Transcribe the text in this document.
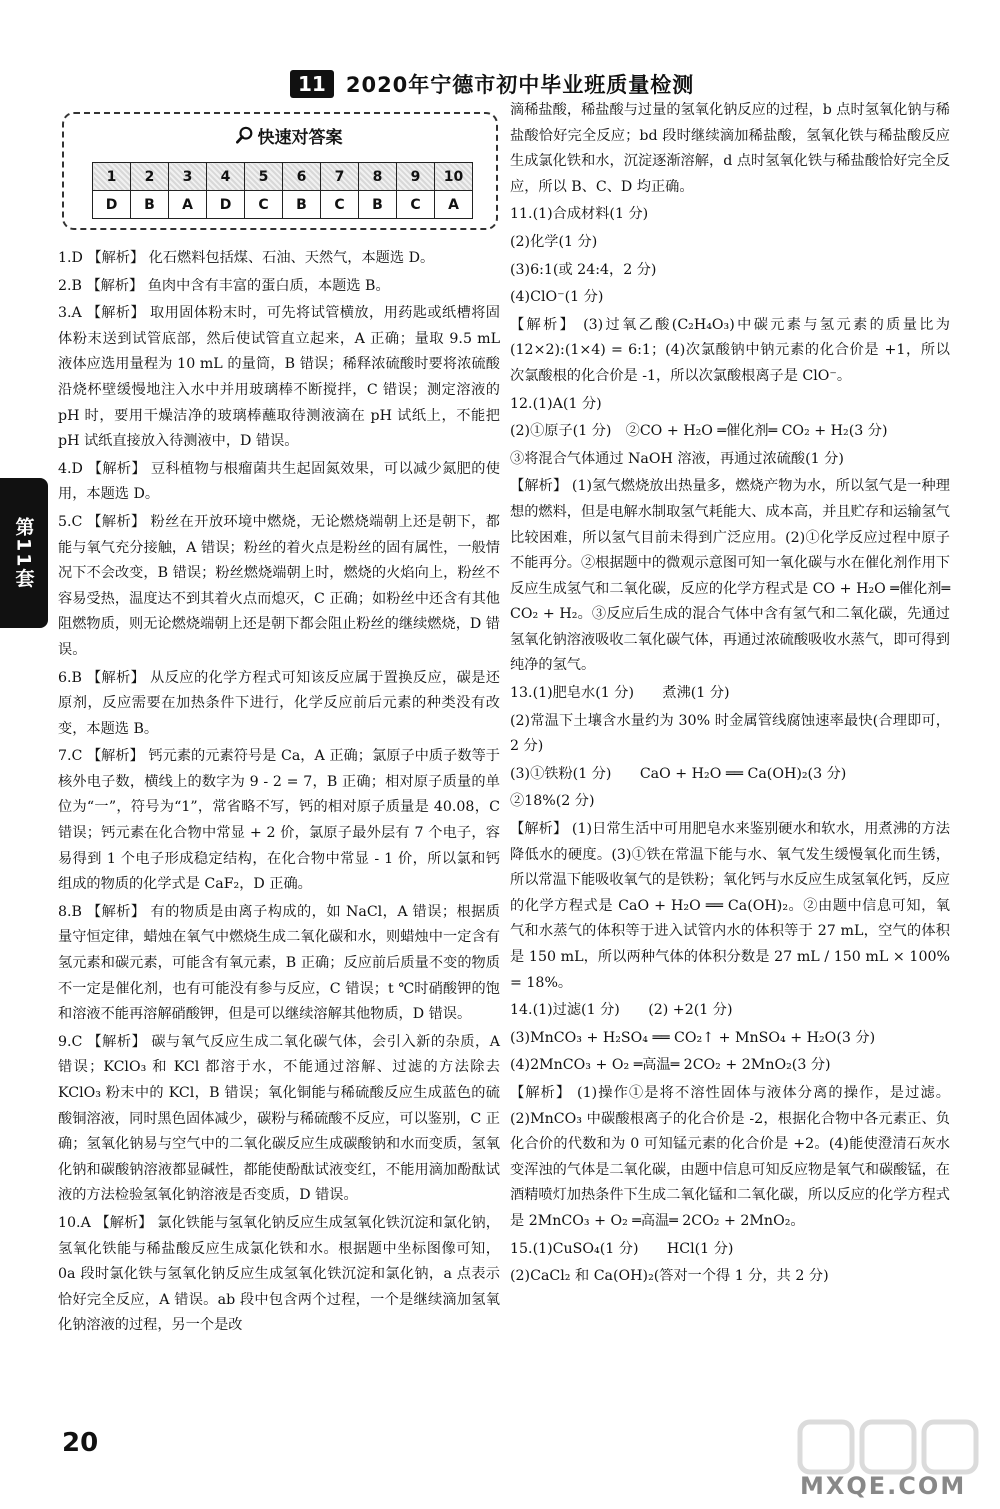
11 2020年宁德市初中毕业班质量检测
快速对答案
1	2	3	4	5	6	7	8	9	10
D	B	A	D	C	B	C	B	C	A
第11套

1.D 【解析】 化石燃料包括煤、石油、天然气，本题选 D。

2.B 【解析】 鱼肉中含有丰富的蛋白质，本题选 B。

3.A 【解析】 取用固体粉末时，可先将试管横放，用药匙或纸槽将固体粉末送到试管底部，然后使试管直立起来，A 正确；量取 9.5 mL 液体应选用量程为 10 mL 的量筒，B 错误；稀释浓硫酸时要将浓硫酸沿烧杯壁缓慢地注入水中并用玻璃棒不断搅拌，C 错误；测定溶液的 pH 时，要用干燥洁净的玻璃棒蘸取待测液滴在 pH 试纸上，不能把 pH 试纸直接放入待测液中，D 错误。

4.D 【解析】 豆科植物与根瘤菌共生起固氮效果，可以减少氮肥的使用，本题选 D。

5.C 【解析】 粉丝在开放环境中燃烧，无论燃烧端朝上还是朝下，都能与氧气充分接触，A 错误；粉丝的着火点是粉丝的固有属性，一般情况下不会改变，B 错误；粉丝燃烧端朝上时，燃烧的火焰向上，粉丝不容易受热，温度达不到其着火点而熄灭，C 正确；如粉丝中还含有其他阻燃物质，则无论燃烧端朝上还是朝下都会阻止粉丝的继续燃烧，D 错误。

6.B 【解析】 从反应的化学方程式可知该反应属于置换反应，碳是还原剂，反应需要在加热条件下进行，化学反应前后元素的种类没有改变，本题选 B。

7.C 【解析】 钙元素的元素符号是 Ca，A 正确；氯原子中质子数等于核外电子数，横线上的数字为 9 - 2 = 7，B 正确；相对原子质量的单位为“一”，符号为“1”，常省略不写，钙的相对原子质量是 40.08，C 错误；钙元素在化合物中常显 + 2 价，氯原子最外层有 7 个电子，容易得到 1 个电子形成稳定结构，在化合物中常显 - 1 价，所以氯和钙组成的物质的化学式是 CaF₂，D 正确。

8.B 【解析】 有的物质是由离子构成的，如 NaCl，A 错误；根据质量守恒定律，蜡烛在氧气中燃烧生成二氧化碳和水，则蜡烛中一定含有氢元素和碳元素，可能含有氧元素，B 正确；反应前后质量不变的物质不一定是催化剂，也有可能没有参与反应，C 错误；t ℃时硝酸钾的饱和溶液不能再溶解硝酸钾，但是可以继续溶解其他物质，D 错误。

9.C 【解析】 碳与氧气反应生成二氧化碳气体，会引入新的杂质，A 错误；KClO₃ 和 KCl 都溶于水，不能通过溶解、过滤的方法除去 KClO₃ 粉末中的 KCl，B 错误；氧化铜能与稀硫酸反应生成蓝色的硫酸铜溶液，同时黑色固体减少，碳粉与稀硫酸不反应，可以鉴别，C 正确；氢氧化钠易与空气中的二氧化碳反应生成碳酸钠和水而变质，氢氧化钠和碳酸钠溶液都显碱性，都能使酚酞试液变红，不能用滴加酚酞试液的方法检验氢氧化钠溶液是否变质，D 错误。

10.A 【解析】 氯化铁能与氢氧化钠反应生成氢氧化铁沉淀和氯化钠，氢氧化铁能与稀盐酸反应生成氯化铁和水。根据题中坐标图像可知，0a 段时氯化铁与氢氧化钠反应生成氢氧化铁沉淀和氯化钠，a 点表示恰好完全反应，A 错误。ab 段中包含两个过程，一个是继续滴加氢氧化钠溶液的过程，另一个是改

滴稀盐酸，稀盐酸与过量的氢氧化钠反应的过程，b 点时氢氧化钠与稀盐酸恰好完全反应；bd 段时继续滴加稀盐酸，氢氧化铁与稀盐酸反应生成氯化铁和水，沉淀逐渐溶解，d 点时氢氧化铁与稀盐酸恰好完全反应，所以 B、C、D 均正确。

11.(1)合成材料(1 分)

(2)化学(1 分)

(3)6:1(或 24:4，2 分)

(4)ClO⁻(1 分)

【解析】 (3)过氧乙酸(C₂H₄O₃)中碳元素与氢元素的质量比为(12×2):(1×4) = 6:1；(4)次氯酸钠中钠元素的化合价是 +1，所以次氯酸根的化合价是 -1，所以次氯酸根离子是 ClO⁻。

12.(1)A(1 分)

(2)①原子(1 分)　②CO + H₂O ═催化剂═ CO₂ + H₂(3 分)

③将混合气体通过 NaOH 溶液，再通过浓硫酸(1 分)

【解析】 (1)氢气燃烧放出热量多，燃烧产物为水，所以氢气是一种理想的燃料，但是电解水制取氢气耗能大、成本高，并且贮存和运输氢气比较困难，所以氢气目前未得到广泛应用。(2)①化学反应过程中原子不能再分。②根据题中的微观示意图可知一氧化碳与水在催化剂作用下反应生成氢气和二氧化碳，反应的化学方程式是 CO + H₂O ═催化剂═ CO₂ + H₂。③反应后生成的混合气体中含有氢气和二氧化碳，先通过氢氧化钠溶液吸收二氧化碳气体，再通过浓硫酸吸收水蒸气，即可得到纯净的氢气。

13.(1)肥皂水(1 分)　　煮沸(1 分)

(2)常温下土壤含水量约为 30% 时金属管线腐蚀速率最快(合理即可，2 分)

(3)①铁粉(1 分)　　CaO + H₂O ══ Ca(OH)₂(3 分)

②18%(2 分)

【解析】 (1)日常生活中可用肥皂水来鉴别硬水和软水，用煮沸的方法降低水的硬度。(3)①铁在常温下能与水、氧气发生缓慢氧化而生锈，所以常温下能吸收氧气的是铁粉；氧化钙与水反应生成氢氧化钙，反应的化学方程式是 CaO + H₂O ══ Ca(OH)₂。②由题中信息可知，氧气和水蒸气的体积等于进入试管内水的体积等于 27 mL，空气的体积是 150 mL，所以两种气体的体积分数是 27 mL / 150 mL × 100% = 18%。

14.(1)过滤(1 分)　　(2) +2(1 分)

(3)MnCO₃ + H₂SO₄ ══ CO₂↑ + MnSO₄ + H₂O(3 分)

(4)2MnCO₃ + O₂ ═高温═ 2CO₂ + 2MnO₂(3 分)

【解析】 (1)操作①是将不溶性固体与液体分离的操作，是过滤。(2)MnCO₃ 中碳酸根离子的化合价是 -2，根据化合物中各元素正、负化合价的代数和为 0 可知锰元素的化合价是 +2。(4)能使澄清石灰水变浑浊的气体是二氧化碳，由题中信息可知反应物是氧气和碳酸锰，在酒精喷灯加热条件下生成二氧化锰和二氧化碳，所以反应的化学方程式是 2MnCO₃ + O₂ ═高温═ 2CO₂ + 2MnO₂。

15.(1)CuSO₄(1 分)　　HCl(1 分)

(2)CaCl₂ 和 Ca(OH)₂(答对一个得 1 分，共 2 分)

20
MXQE.COM
